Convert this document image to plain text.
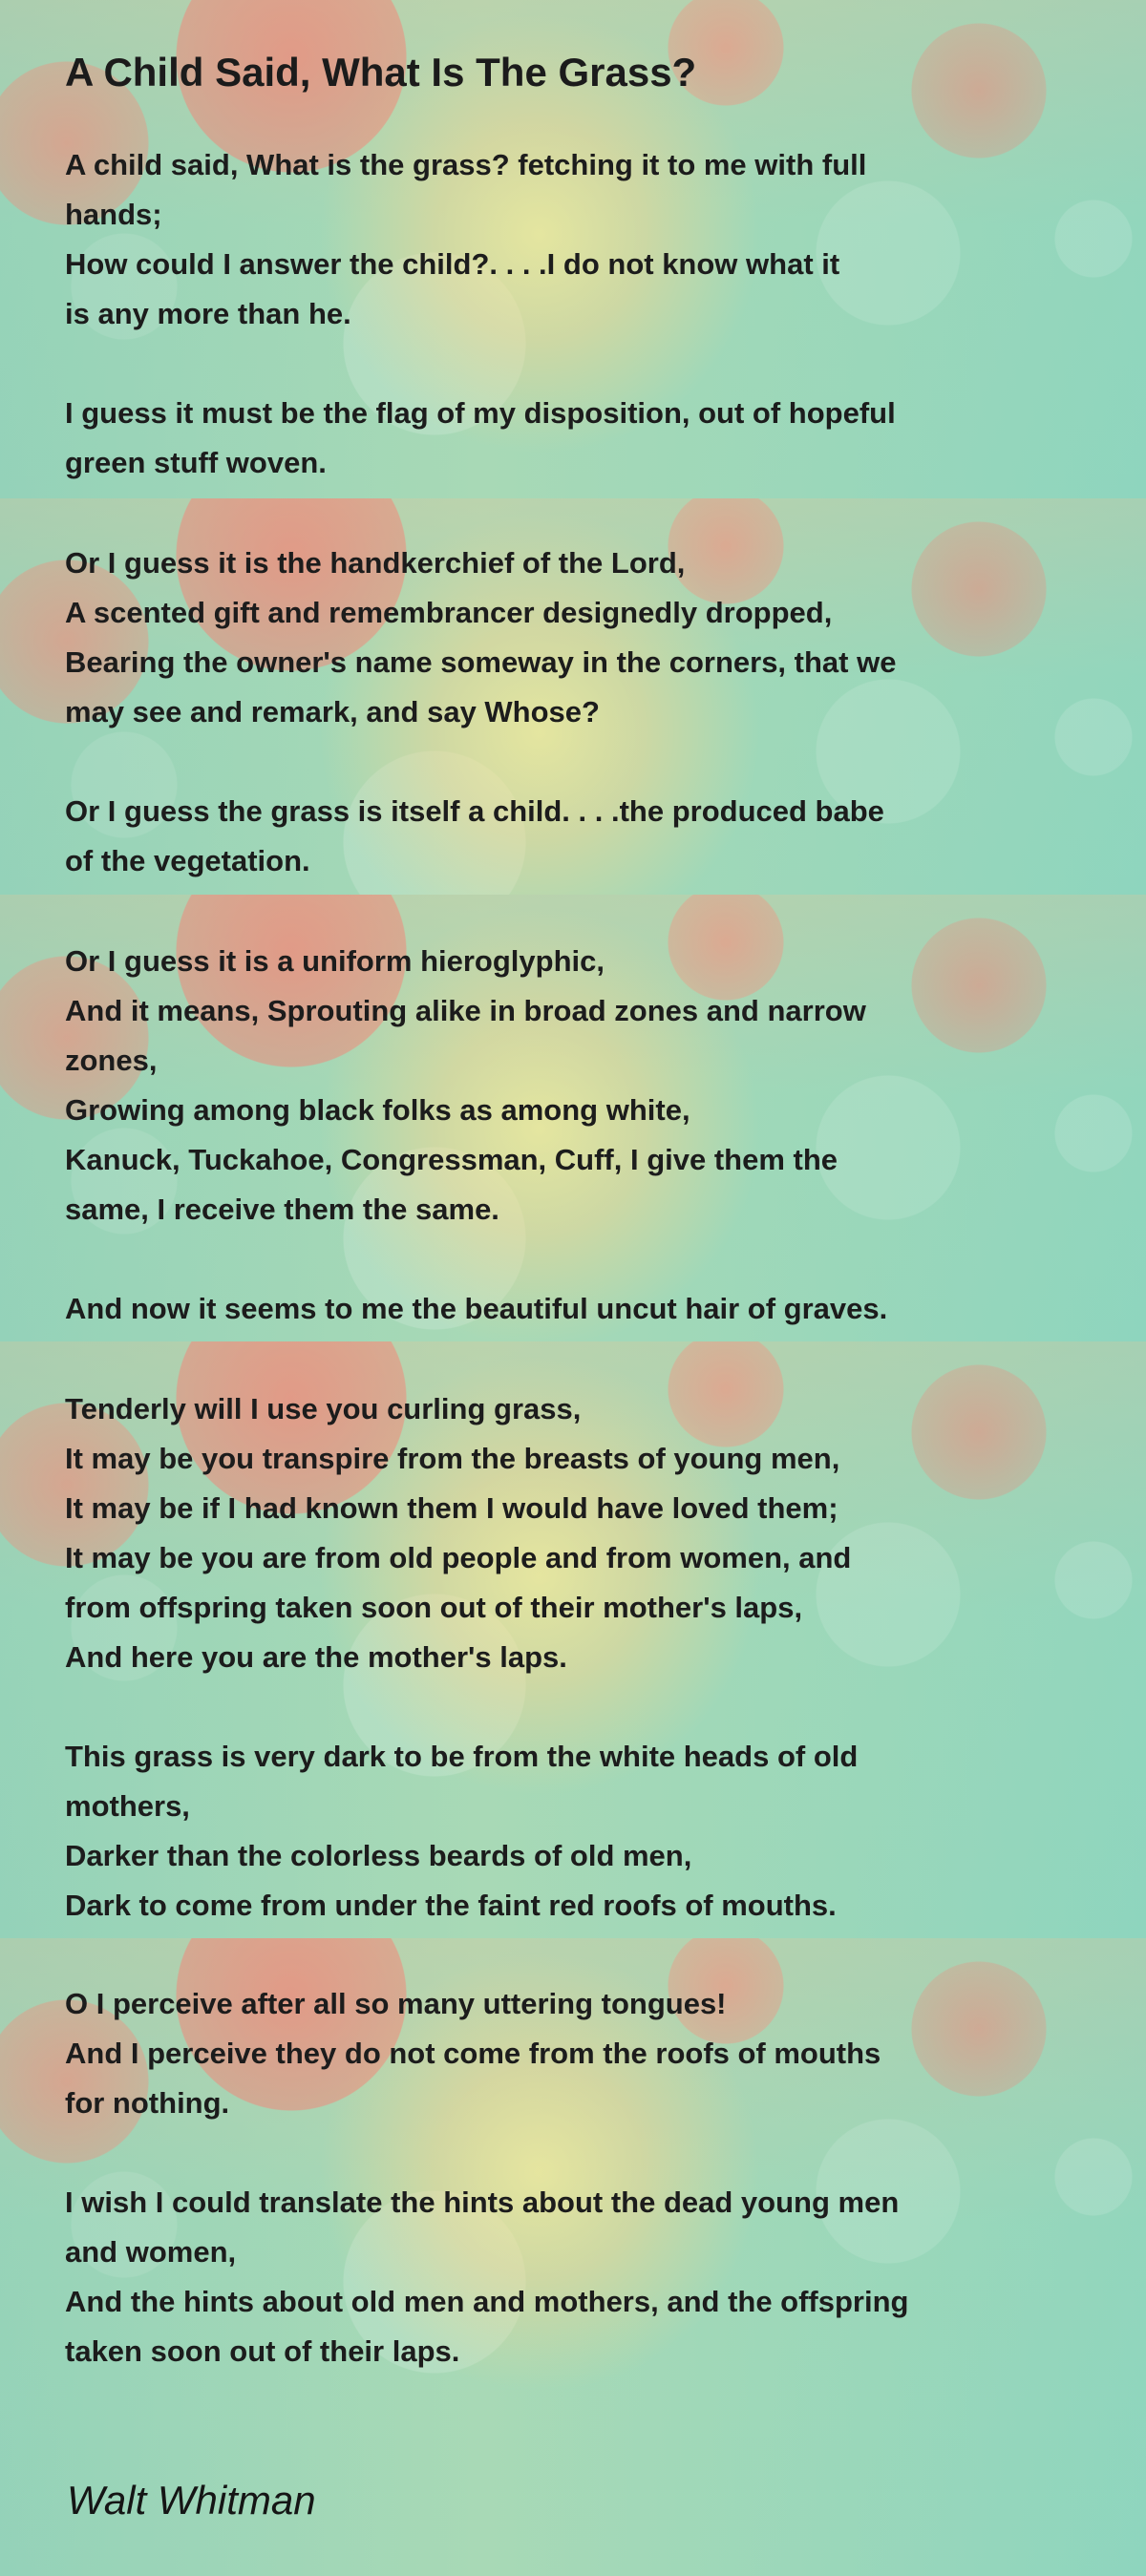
A Child Said, What Is The Grass?

A child said, What is the grass? fetching it to me with full
hands;
How could I answer the child?. . . .I do not know what it
is any more than he.

I guess it must be the flag of my disposition, out of hopeful
green stuff woven.

Or I guess it is the handkerchief of the Lord,
A scented gift and remembrancer designedly dropped,
Bearing the owner's name someway in the corners, that we
may see and remark, and say Whose?

Or I guess the grass is itself a child. . . .the produced babe
of the vegetation.

Or I guess it is a uniform hieroglyphic,
And it means, Sprouting alike in broad zones and narrow
zones,
Growing among black folks as among white,
Kanuck, Tuckahoe, Congressman, Cuff, I give them the
same, I receive them the same.

And now it seems to me the beautiful uncut hair of graves.

Tenderly will I use you curling grass,
It may be you transpire from the breasts of young men,
It may be if I had known them I would have loved them;
It may be you are from old people and from women, and
from offspring taken soon out of their mother's laps,
And here you are the mother's laps.

This grass is very dark to be from the white heads of old
mothers,
Darker than the colorless beards of old men,
Dark to come from under the faint red roofs of mouths.

O I perceive after all so many uttering tongues!
And I perceive they do not come from the roofs of mouths
for nothing.

I wish I could translate the hints about the dead young men
and women,
And the hints about old men and mothers, and the offspring
taken soon out of their laps.

Walt Whitman
